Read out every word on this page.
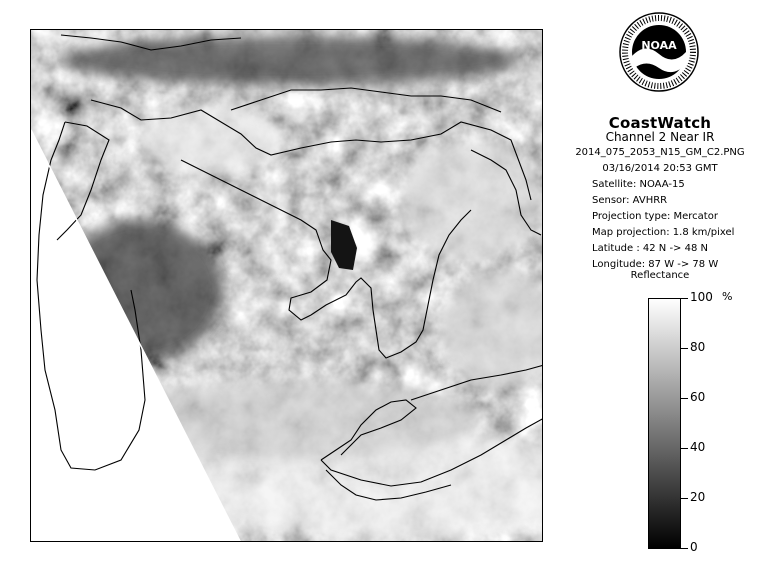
NOAA
CoastWatch
Channel 2 Near IR
2014_075_2053_N15_GM_C2.PNG
03/16/2014 20:53 GMT
Satellite: NOAA-15
Sensor: AVHRR
Projection type: Mercator
Map projection: 1.8 km/pixel
Latitude : 42 N -> 48 N
Longitude: 87 W -> 78 W
Reflectance
%
100
80
60
40
20
0
